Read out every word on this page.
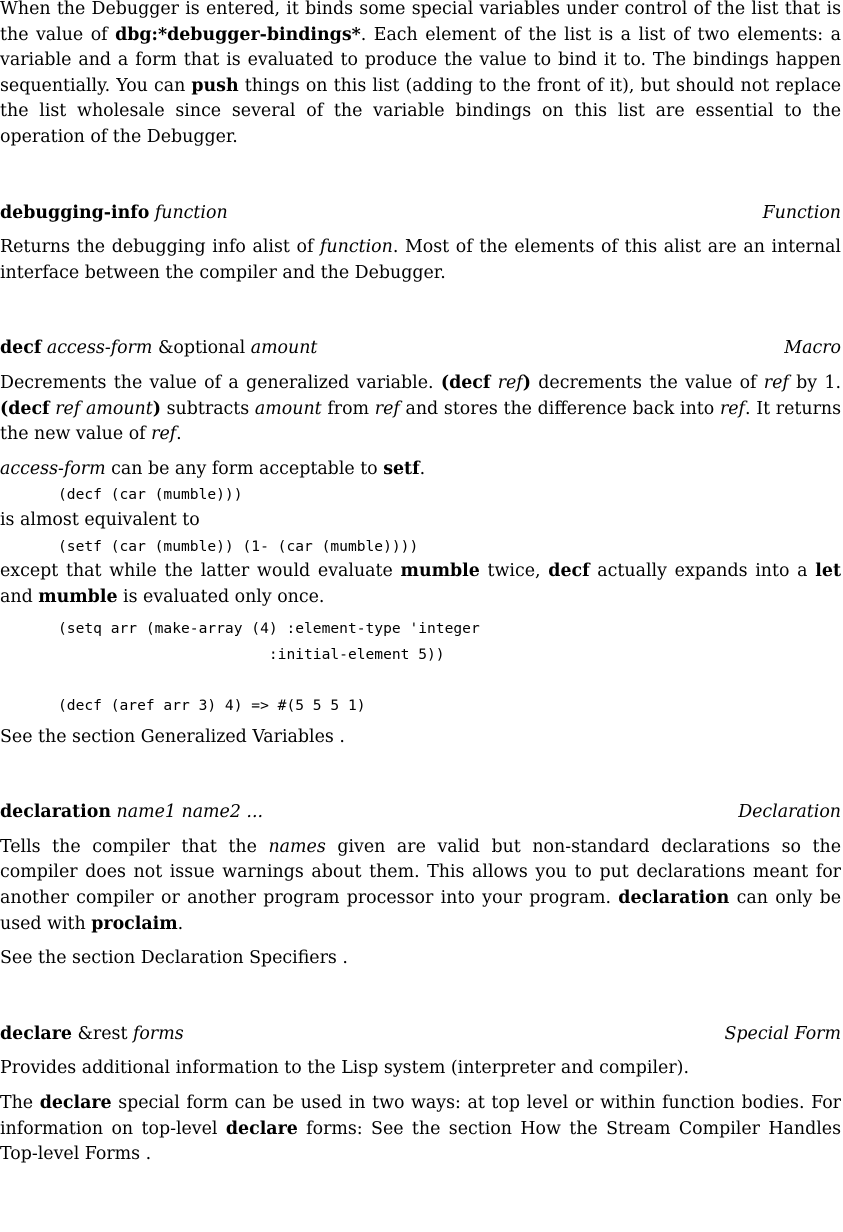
When the Debugger is entered, it binds some special variables under control of the list that is the value of dbg:*debugger-bindings*. Each element of the list is a list of two elements: a variable and a form that is evaluated to produce the value to bind it to. The bindings happen sequentially. You can push things on this list (adding to the front of it), but should not replace the list wholesale since several of the variable bindings on this list are essential to the operation of the Debugger.

debugging-info function	Function

Returns the debugging info alist of function. Most of the elements of this alist are an internal interface between the compiler and the Debugger.

decf access-form &optional amount	Macro

Decrements the value of a generalized variable. (decf ref) decrements the value of ref by 1. (decf ref amount) subtracts amount from ref and stores the difference back into ref. It returns the new value of ref.

access-form can be any form acceptable to setf.

(decf (car (mumble)))

is almost equivalent to

(setf (car (mumble)) (1- (car (mumble))))

except that while the latter would evaluate mumble twice, decf actually expands into a let and mumble is evaluated only once.

(setq arr (make-array (4) :element-type 'integer
:initial-element 5))
(decf (aref arr 3) 4) => #(5 5 5 1)

See the section Generalized Variables .

declaration name1 name2 ...	Declaration

Tells the compiler that the names given are valid but non-standard declarations so the compiler does not issue warnings about them. This allows you to put declarations meant for another compiler or another program processor into your program. declaration can only be used with proclaim.

See the section Declaration Specifiers .

declare &rest forms	Special Form

Provides additional information to the Lisp system (interpreter and compiler).

The declare special form can be used in two ways: at top level or within function bodies. For information on top-level declare forms: See the section How the Stream Compiler Handles Top-level Forms .
